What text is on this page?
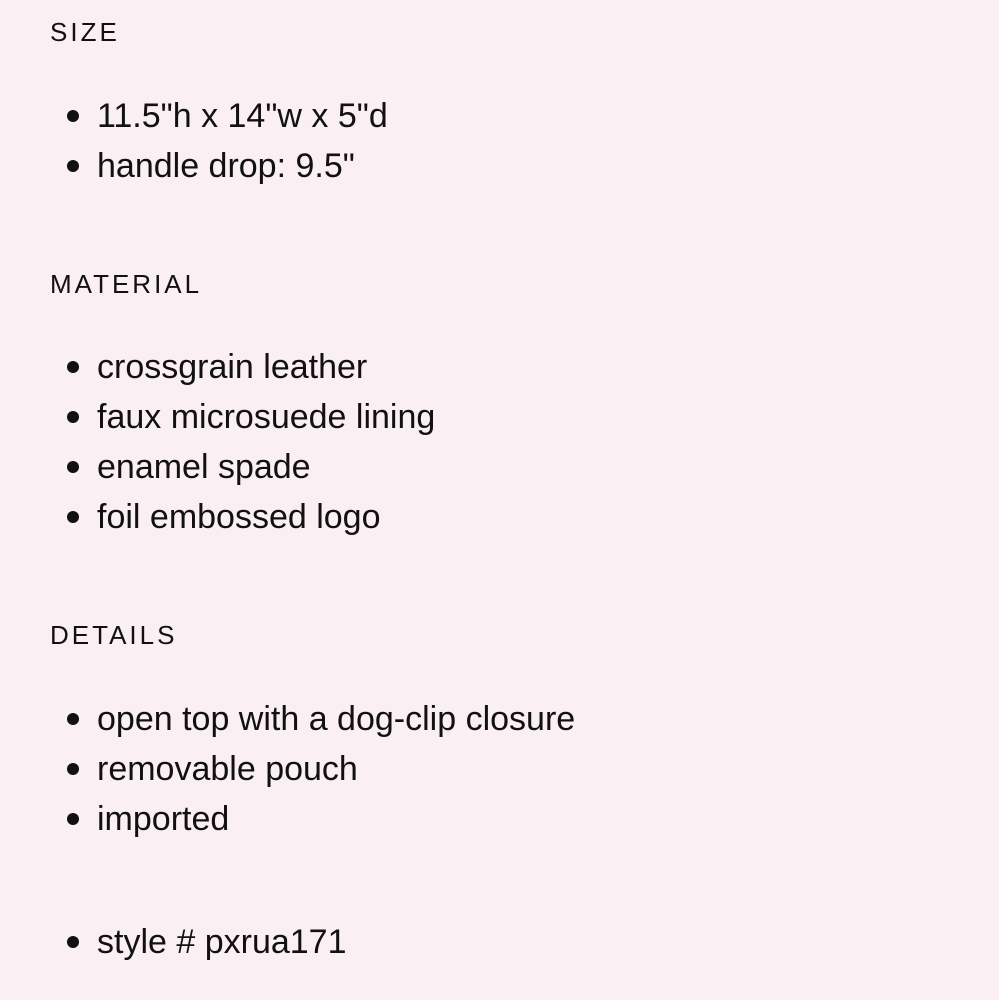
SIZE
11.5"h x 14"w x 5"d
handle drop: 9.5"
MATERIAL
crossgrain leather
faux microsuede lining
enamel spade
foil embossed logo
DETAILS
open top with a dog-clip closure
removable pouch
imported
style # pxrua171
